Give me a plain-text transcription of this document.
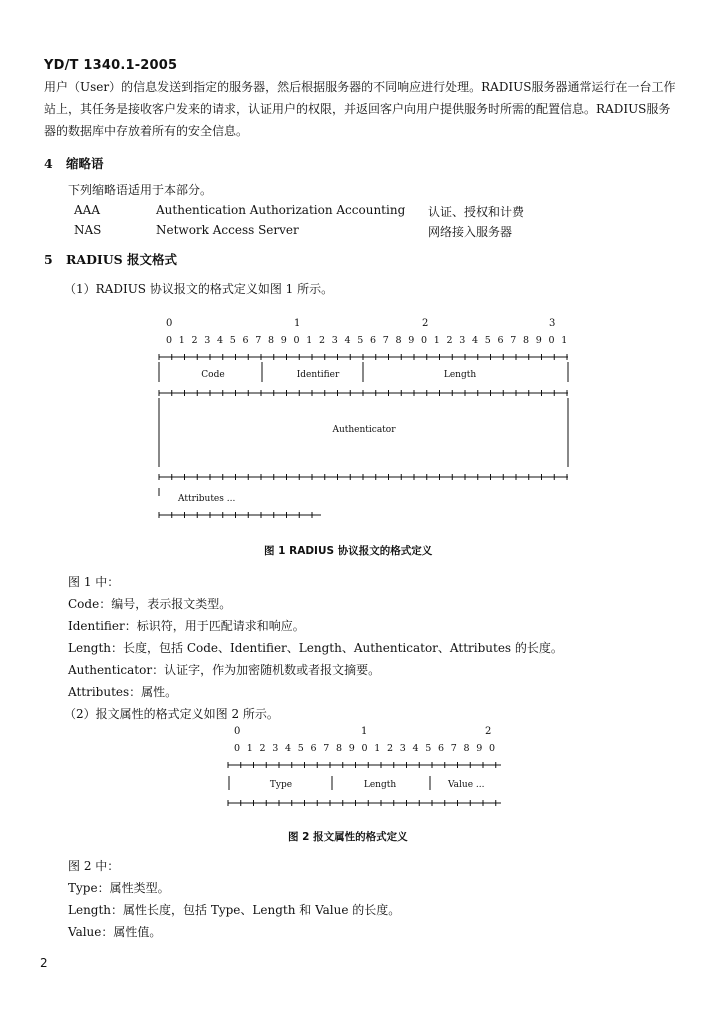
YD/T 1340.1-2005
用户（User）的信息发送到指定的服务器，然后根据服务器的不同响应进行处理。RADIUS服务器通常运行在一台工作站上，其任务是接收客户发来的请求，认证用户的权限，并返回客户向用户提供服务时所需的配置信息。RADIUS服务器的数据库中存放着所有的安全信息。
4 缩略语
下列缩略语适用于本部分。
AAA	Authentication Authorization Accounting 认证、授权和计费
NAS	Network Access Server	网络接入服务器
5 RADIUS 报文格式
（1）RADIUS 协议报文的格式定义如图 1 所示。
0	1	2	3
0 1 2 3 4 5 6 7 8 9 0 1 2 3 4 5 6 7 8 9 0 1 2 3 4 5 6 7 8 9 0 1
Code	Identifier	Length
Authenticator
Attributes ...
图 1 RADIUS 协议报文的格式定义
图 1 中：
Code：编号，表示报文类型。
Identifier：标识符，用于匹配请求和响应。
Length：长度，包括 Code、Identifier、Length、Authenticator、Attributes 的长度。
Authenticator：认证字，作为加密随机数或者报文摘要。
Attributes：属性。
（2）报文属性的格式定义如图 2 所示。
0	1	2
0 1 2 3 4 5 6 7 8 9 0 1 2 3 4 5 6 7 8 9 0
Type	Length	Value ...
图 2 报文属性的格式定义
图 2 中：
Type：属性类型。
Length：属性长度，包括 Type、Length 和 Value 的长度。
Value：属性值。
2
